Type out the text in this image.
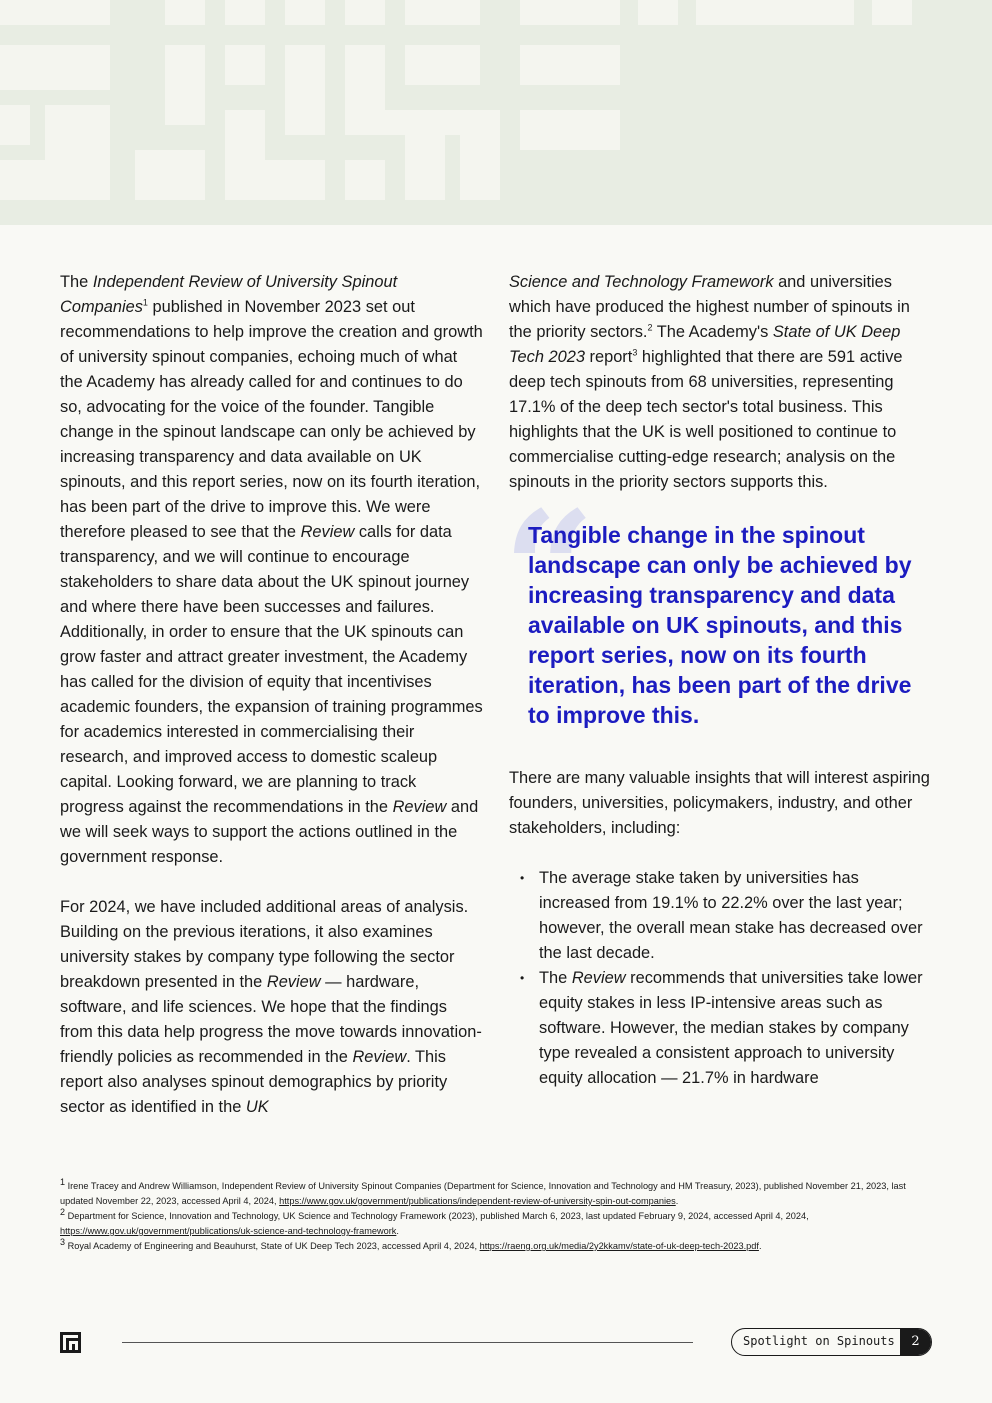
The Independent Review of University Spinout Companies$^1$ published in November 2023 set out recommendations to help improve the creation and growth of university spinout companies, echoing much of what the Academy has already called for and continues to do so, advocating for the voice of the founder. Tangible change in the spinout landscape can only be achieved by increasing transparency and data available on UK spinouts, and this report series, now on its fourth iteration, has been part of the drive to improve this. We were therefore pleased to see that the Review calls for data transparency, and we will continue to encourage stakeholders to share data about the UK spinout journey and where there have been successes and failures. Additionally, in order to ensure that the UK spinouts can grow faster and attract greater investment, the Academy has called for the division of equity that incentivises academic founders, the expansion of training programmes for academics interested in commercialising their research, and improved access to domestic scaleup capital. Looking forward, we are planning to track progress against the recommendations in the Review and we will seek ways to support the actions outlined in the government response.

For 2024, we have included additional areas of analysis. Building on the previous iterations, it also examines university stakes by company type following the sector breakdown presented in the Review — hardware, software, and life sciences. We hope that the findings from this data help progress the move towards innovation-friendly policies as recommended in the Review. This report also analyses spinout demographics by priority sector as identified in the UK

Science and Technology Framework and universities which have produced the highest number of spinouts in the priority sectors.$^2$ The Academy's State of UK Deep Tech 2023 report$^3$ highlighted that there are 591 active deep tech spinouts from 68 universities, representing 17.1% of the deep tech sector's total business. This highlights that the UK is well positioned to continue to commercialise cutting-edge research; analysis on the spinouts in the priority sectors supports this.

“
Tangible change in the spinout landscape can only be achieved by increasing transparency and data available on UK spinouts, and this report series, now on its fourth iteration, has been part of the drive to improve this.

There are many valuable insights that will interest aspiring founders, universities, policymakers, industry, and other stakeholders, including:

• The average stake taken by universities has increased from 19.1% to 22.2% over the last year; however, the overall mean stake has decreased over the last decade.
• The Review recommends that universities take lower equity stakes in less IP-intensive areas such as software. However, the median stakes by company type revealed a consistent approach to university equity allocation — 21.7% in hardware
$^1$ Irene Tracey and Andrew Williamson, Independent Review of University Spinout Companies (Department for Science, Innovation and Technology and HM Treasury, 2023), published November 21, 2023, last updated November 22, 2023, accessed April 4, 2024, https://www.gov.uk/government/publications/independent-review-of-university-spin-out-companies.
$^2$ Department for Science, Innovation and Technology, UK Science and Technology Framework (2023), published March 6, 2023, last updated February 9, 2024, accessed April 4, 2024, https://www.gov.uk/government/publications/uk-science-and-technology-framework.
$^3$ Royal Academy of Engineering and Beauhurst, State of UK Deep Tech 2023, accessed April 4, 2024, https://raeng.org.uk/media/2y2kkamv/state-of-uk-deep-tech-2023.pdf.
Spotlight on Spinouts	2
